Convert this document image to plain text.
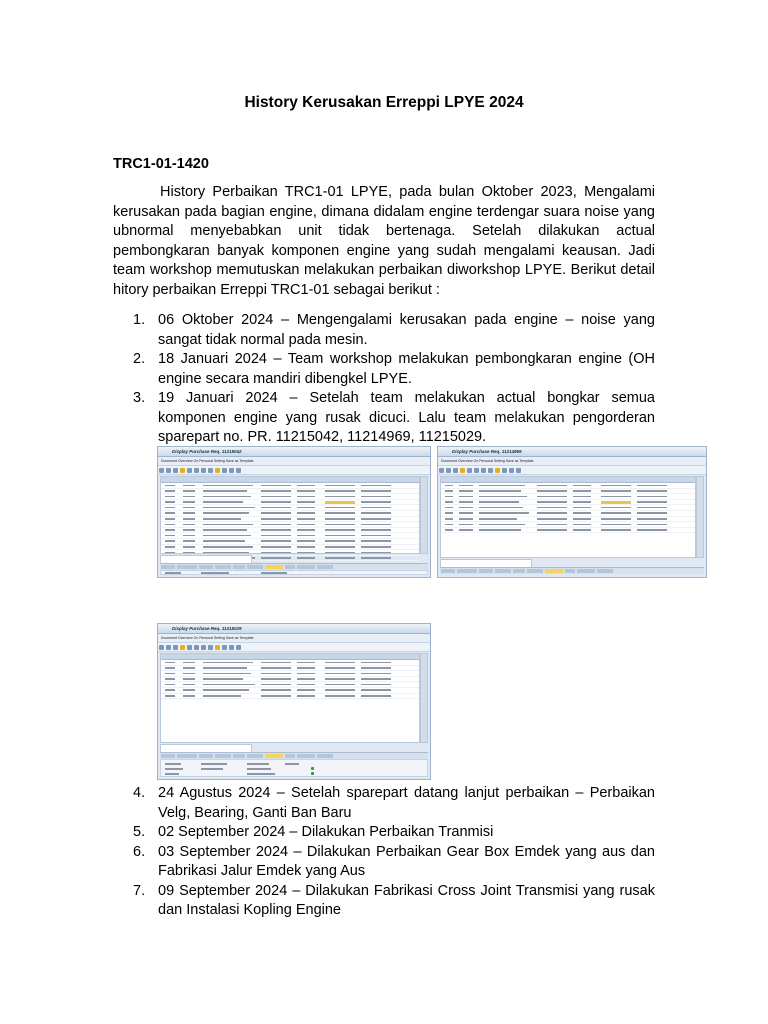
History Kerusakan Erreppi LPYE 2024
TRC1-01-1420

History Perbaikan TRC1-01 LPYE, pada bulan Oktober 2023, Mengalami kerusakan pada bagian engine, dimana didalam engine terdengar suara noise yang ubnormal menyebabkan unit tidak bertenaga. Setelah dilakukan actual pembongkaran banyak komponen engine yang sudah mengalami keausan. Jadi team workshop memutuskan melakukan perbaikan diworkshop LPYE. Berikut detail hitory perbaikan Erreppi TRC1-01 sebagai berikut :

1. 06 Oktober 2024 – Mengengalami kerusakan pada engine – noise yang sangat tidak normal pada mesin.
2. 18 Januari 2024 – Team workshop melakukan pembongkaran engine (OH engine secara mandiri dibengkel LPYE.
3. 19 Januari 2024 – Setelah team melakukan actual bongkar semua komponen engine yang rusak dicuci. Lalu team melakukan pengorderan sparepart no. PR. 11215042, 11214969, 11215029.
Display Purchase Req. 11215042
Document Overview On Personal Setting Save as Template
Display Purchase Req. 11214969
Document Overview On Personal Setting Save as Template
Display Purchase Req. 11215029
Document Overview On Personal Setting Save as Template
4. 24 Agustus 2024 – Setelah sparepart datang lanjut perbaikan – Perbaikan Velg, Bearing, Ganti Ban Baru
5. 02 September 2024 – Dilakukan Perbaikan Tranmisi
6. 03 September 2024 – Dilakukan Perbaikan Gear Box Emdek yang aus dan Fabrikasi Jalur Emdek yang Aus
7. 09 September 2024 – Dilakukan Fabrikasi Cross Joint Transmisi yang rusak dan Instalasi Kopling Engine
